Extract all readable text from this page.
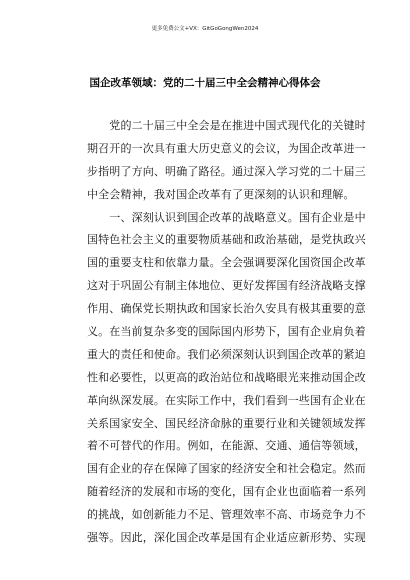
更多免费公文+VX：GitGoGongWen2024
国企改革领域：党的二十届三中全会精神心得体会
　　党的二十届三中全会是在推进中国式现代化的关键时
期召开的一次具有重大历史意义的会议，为国企改革进一
步指明了方向、明确了路径。通过深入学习党的二十届三
中全会精神，我对国企改革有了更深刻的认识和理解。
　　一、深刻认识到国企改革的战略意义。国有企业是中
国特色社会主义的重要物质基础和政治基础，是党执政兴
国的重要支柱和依靠力量。全会强调要深化国资国企改革
这对于巩固公有制主体地位、更好发挥国有经济战略支撑
作用、确保党长期执政和国家长治久安具有极其重要的意
义。在当前复杂多变的国际国内形势下，国有企业肩负着
重大的责任和使命。我们必须深刻认识到国企改革的紧迫
性和必要性，以更高的政治站位和战略眼光来推动国企改
革向纵深发展。在实际工作中，我们看到一些国有企业在
关系国家安全、国民经济命脉的重要行业和关键领域发挥
着不可替代的作用。例如，在能源、交通、通信等领域，
国有企业的存在保障了国家的经济安全和社会稳定。然而
随着经济的发展和市场的变化，国有企业也面临着一系列
的挑战，如创新能力不足、管理效率不高、市场竞争力不
强等。因此，深化国企改革是国有企业适应新形势、实现
